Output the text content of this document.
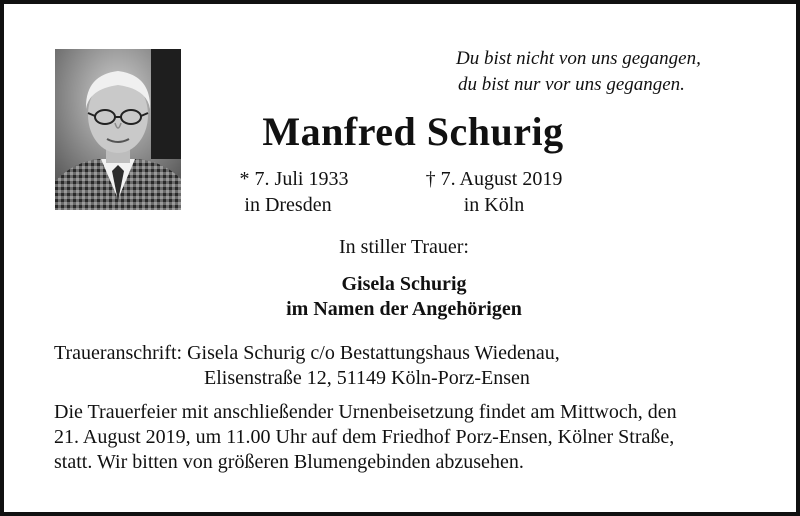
Du bist nicht von uns gegangen,
du bist nur vor uns gegangen.
Manfred Schurig
* 7. Juli 1933
in Dresden
† 7. August 2019
in Köln
In stiller Trauer:
Gisela Schurig
im Namen der Angehörigen
Traueranschrift: Gisela Schurig c/o Bestattungshaus Wiedenau,
Elisenstraße 12, 51149 Köln-Porz-Ensen
Die Trauerfeier mit anschließender Urnenbeisetzung findet am Mittwoch, den
21. August 2019, um 11.00 Uhr auf dem Friedhof Porz-Ensen, Kölner Straße,
statt. Wir bitten von größeren Blumengebinden abzusehen.
